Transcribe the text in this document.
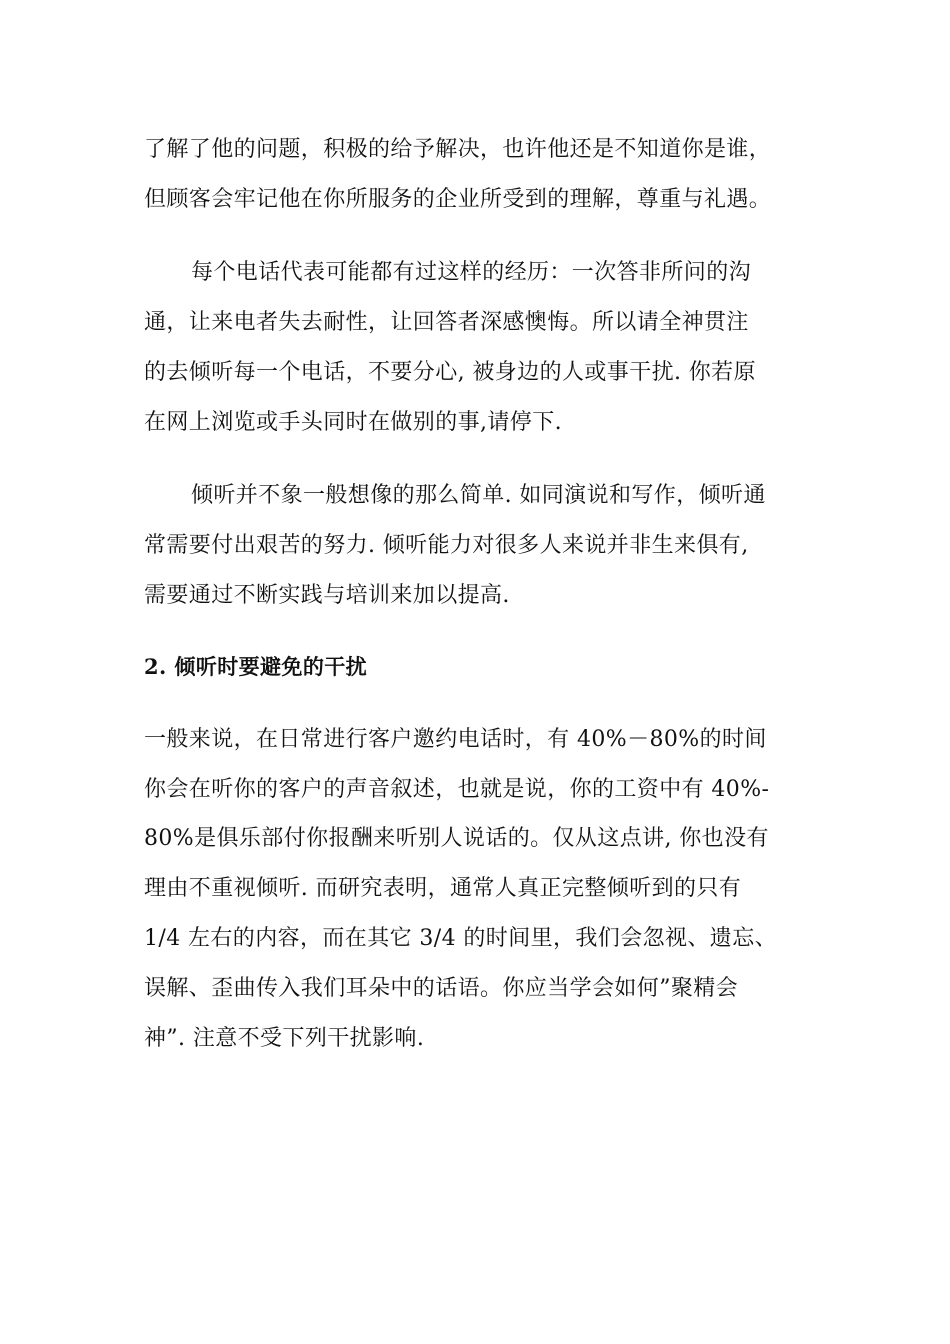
了解了他的问题，积极的给予解决，也许他还是不知道你是谁，
但顾客会牢记他在你所服务的企业所受到的理解，尊重与礼遇。
每个电话代表可能都有过这样的经历：一次答非所问的沟
通，让来电者失去耐性，让回答者深感懊悔。所以请全神贯注
的去倾听每一个电话，不要分心, 被身边的人或事干扰. 你若原
在网上浏览或手头同时在做别的事,请停下.
倾听并不象一般想像的那么简单. 如同演说和写作，倾听通
常需要付出艰苦的努力. 倾听能力对很多人来说并非生来俱有,
需要通过不断实践与培训来加以提高.
2. 倾听时要避免的干扰
一般来说，在日常进行客户邀约电话时，有 40%－80%的时间
你会在听你的客户的声音叙述，也就是说，你的工资中有 40%-
80%是俱乐部付你报酬来听别人说话的。仅从这点讲, 你也没有
理由不重视倾听. 而研究表明，通常人真正完整倾听到的只有
1/4 左右的内容，而在其它 3/4 的时间里，我们会忽视、遗忘、
误解、歪曲传入我们耳朵中的话语。你应当学会如何”聚精会
神”. 注意不受下列干扰影响.
